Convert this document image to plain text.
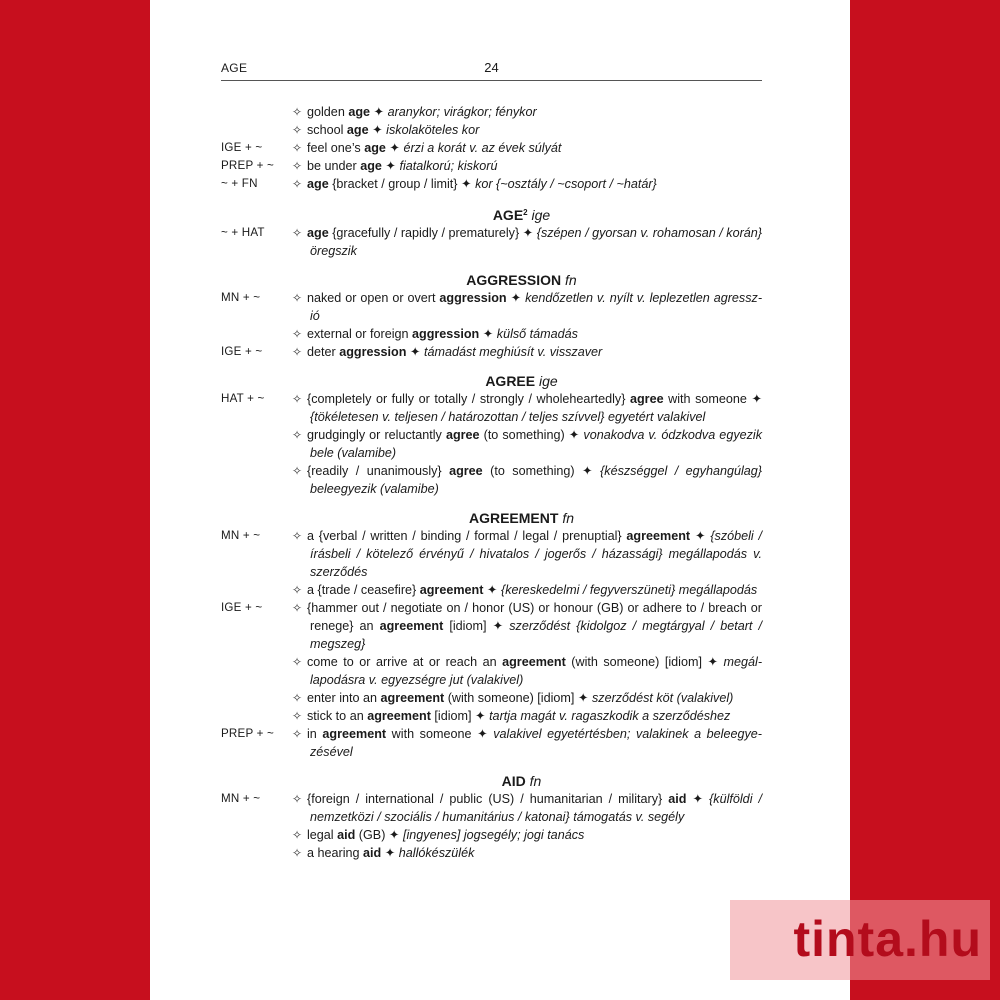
AGE	24
✧ golden age ✦ aranykor; virágkor; fénykor
✧ school age ✦ iskolaköteles kor
IGE + ~	✧ feel one’s age ✦ érzi a korát v. az évek súlyát
PREP + ~	✧ be under age ✦ fiatalkorú; kiskorú
~ + FN	✧ age {bracket / group / limit} ✦ kor {~osztály / ~csoport / ~határ}
AGE$^2$ ige
~ + HAT	✧ age {gracefully / rapidly / prematurely} ✦ {szépen / gyorsan v. rohamosan / korán} öregszik
AGGRESSION fn
MN + ~	✧ naked or open or overt aggression ✦ kendőzetlen v. nyílt v. leplezetlen agresszió
✧ external or foreign aggression ✦ külső támadás
IGE + ~	✧ deter aggression ✦ támadást meghiúsít v. visszaver
AGREE ige
HAT + ~	✧ {completely or fully or totally / strongly / wholeheartedly} agree with someone ✦ {tökéletesen v. teljesen / határozottan / teljes szívvel} egyetért valakivel
✧ grudgingly or reluctantly agree (to something) ✦ vonakodva v. ódzkodva egyezik bele (valamibe)
✧ {readily / unanimously} agree (to something) ✦ {készséggel / egyhangúlag} beleegyezik (valamibe)
AGREEMENT fn
MN + ~	✧ a {verbal / written / binding / formal / legal / prenuptial} agreement ✦ {szóbeli / írásbeli / kötelező érvényű / hivatalos / jogerős / házassági} megállapodás v. szerződés
✧ a {trade / ceasefire} agreement ✦ {kereskedelmi / fegyverszüneti} megállapodás
IGE + ~	✧ {hammer out / negotiate on / honor (US) or honour (GB) or adhere to / breach or renege} an agreement [idiom] ✦ szerződést {kidolgoz / megtárgyal / betart / megszeg}
✧ come to or arrive at or reach an agreement (with someone) [idiom] ✦ megállapodásra v. egyezségre jut (valakivel)
✧ enter into an agreement (with someone) [idiom] ✦ szerződést köt (valakivel)
✧ stick to an agreement [idiom] ✦ tartja magát v. ragaszkodik a szerződéshez
PREP + ~	✧ in agreement with someone ✦ valakivel egyetértésben; valakinek a beleegyezésével
AID fn
MN + ~	✧ {foreign / international / public (US) / humanitarian / military} aid ✦ {külföldi / nemzetközi / szociális / humanitárius / katonai} támogatás v. segély
✧ legal aid (GB) ✦ [ingyenes] jogsegély; jogi tanács
✧ a hearing aid ✦ hallókészülék
tinta.hu
